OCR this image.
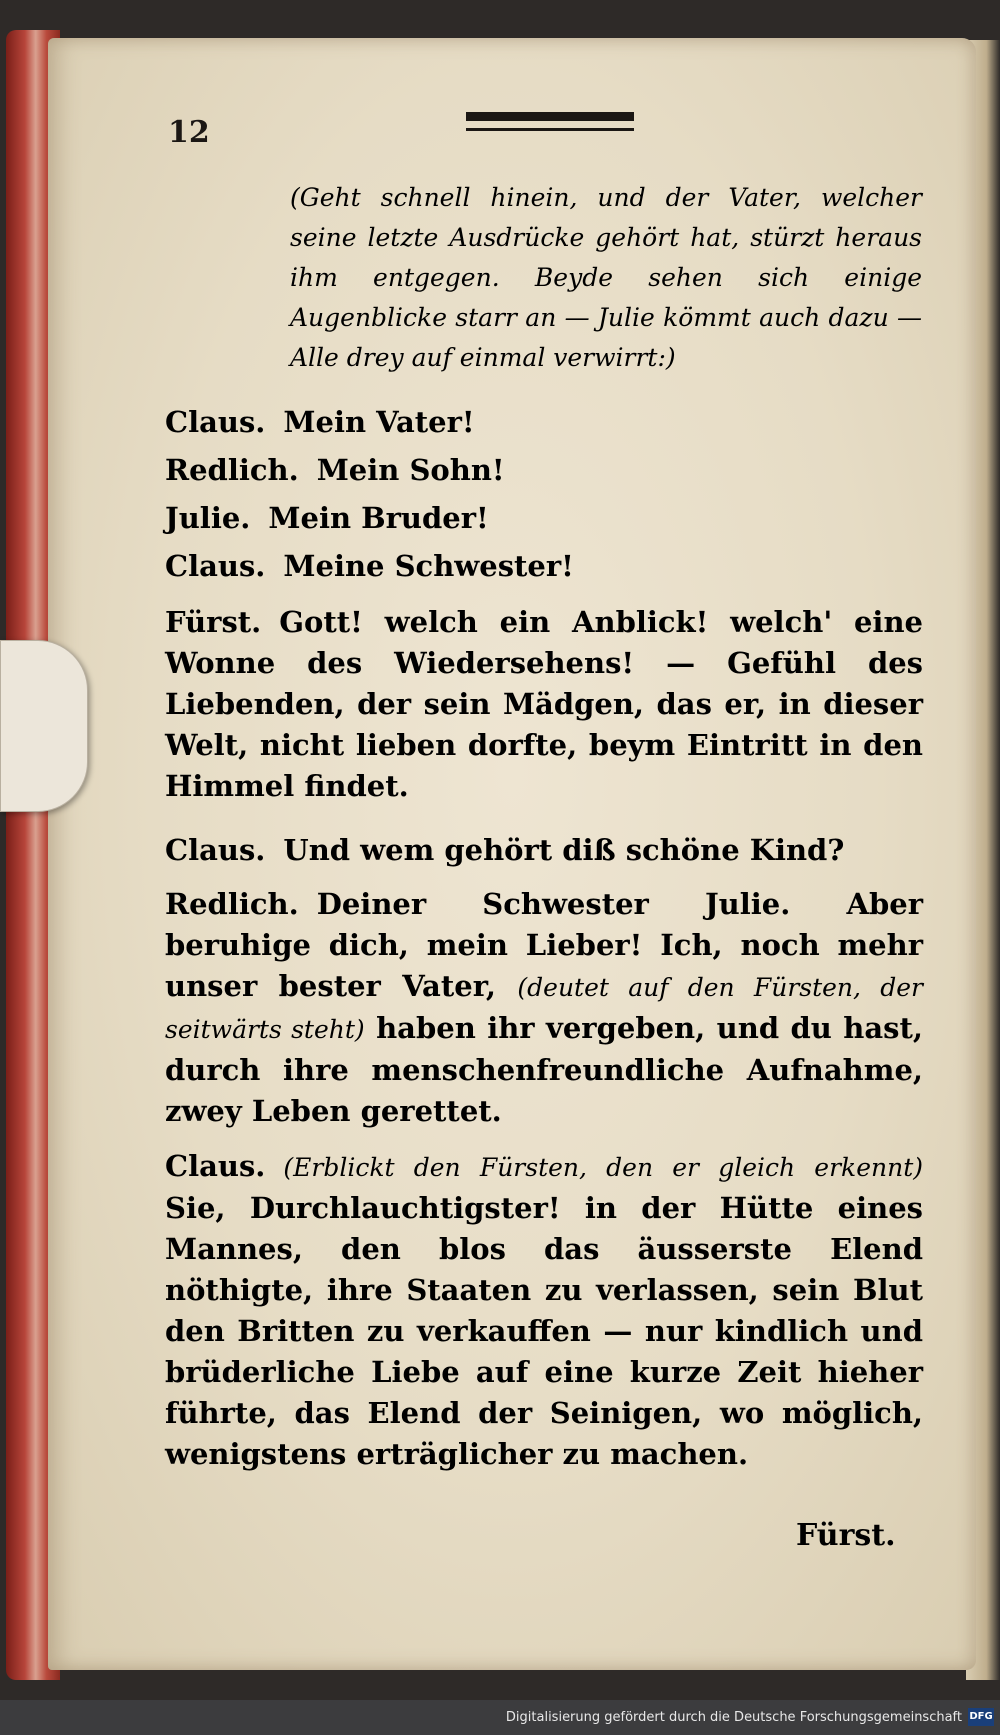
12
(Geht schnell hinein, und der Vater, welcher seine letzte Ausdrücke gehört hat, stürzt heraus ihm entgegen. Beyde sehen sich einige Augenblicke starr an — Julie kömmt auch dazu — Alle drey auf einmal verwirrt:)
Claus. Mein Vater!
Redlich. Mein Sohn!
Julie. Mein Bruder!
Claus. Meine Schwester!
Fürst. Gott! welch ein Anblick! welch' eine Wonne des Wiedersehens! — Gefühl des Liebenden, der sein Mädgen, das er, in dieser Welt, nicht lieben dorfte, beym Eintritt in den Himmel findet.
Claus. Und wem gehört diß schöne Kind?
Redlich. Deiner Schwester Julie. Aber beruhige dich, mein Lieber! Ich, noch mehr unser bester Vater, (deutet auf den Fürsten, der seitwärts steht) haben ihr vergeben, und du hast, durch ihre menschenfreundliche Aufnahme, zwey Leben gerettet.
Claus. (Erblickt den Fürsten, den er gleich erkennt) Sie, Durchlauchtigster! in der Hütte eines Mannes, den blos das äusserste Elend nöthigte, ihre Staaten zu verlassen, sein Blut den Britten zu verkauffen — nur kindlich und brüderliche Liebe auf eine kurze Zeit hieher führte, das Elend der Seinigen, wo möglich, wenigstens erträglicher zu machen.
Fürst.
Digitalisierung gefördert durch die Deutsche Forschungsgemeinschaft DFG
